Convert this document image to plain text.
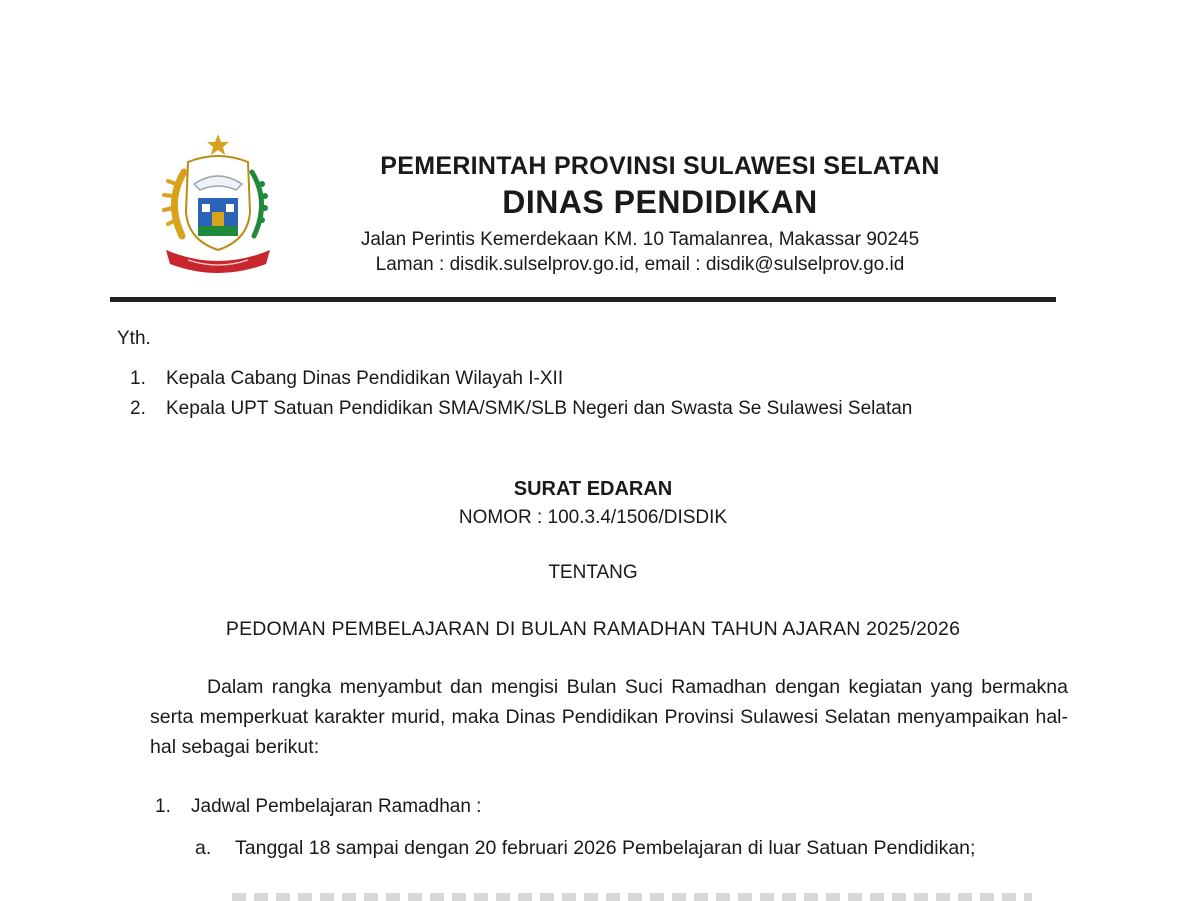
PEMERINTAH PROVINSI SULAWESI SELATAN
DINAS PENDIDIKAN
Jalan Perintis Kemerdekaan KM. 10 Tamalanrea, Makassar 90245
Laman : disdik.sulselprov.go.id, email : disdik@sulselprov.go.id
Yth.
1. Kepala Cabang Dinas Pendidikan Wilayah I-XII
2. Kepala UPT Satuan Pendidikan SMA/SMK/SLB Negeri dan Swasta Se Sulawesi Selatan
SURAT EDARAN
NOMOR : 100.3.4/1506/DISDIK
TENTANG
PEDOMAN PEMBELAJARAN DI BULAN RAMADHAN TAHUN AJARAN 2025/2026
Dalam rangka menyambut dan mengisi Bulan Suci Ramadhan dengan kegiatan yang bermakna serta memperkuat karakter murid, maka Dinas Pendidikan Provinsi Sulawesi Selatan menyampaikan hal-hal sebagai berikut:
1. Jadwal Pembelajaran Ramadhan :
a. Tanggal 18 sampai dengan 20 februari 2026 Pembelajaran di luar Satuan Pendidikan;
